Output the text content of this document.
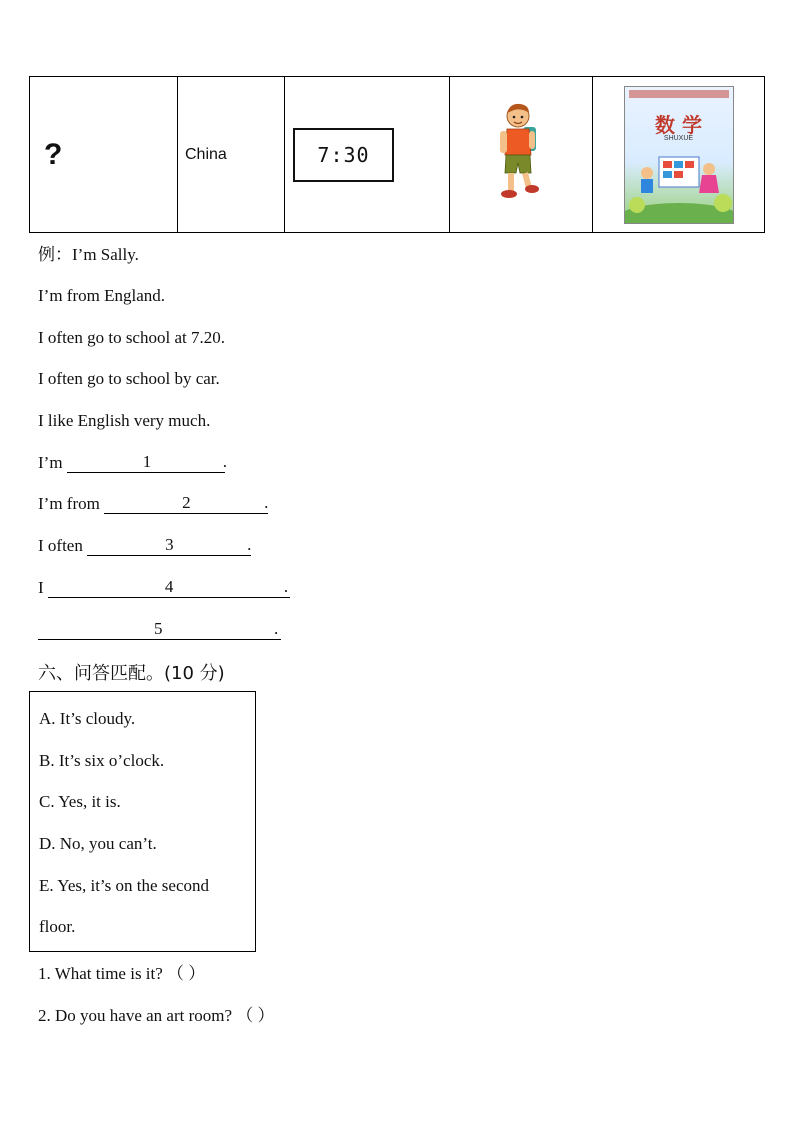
?	China	7:30

数 学
SHUXUE
例：I’m Sally.
I’m from England.
I often go to school at 7.20.
I often go to school by car.
I like English very much.
I’m	1	.
I’m from	2	.
I often	3	.
I	4	.
5	.
六、问答匹配。(10 分)
A. It’s cloudy.
B. It’s six o’clock.
C. Yes, it is.
D. No, you can’t.
E. Yes, it’s on the second
floor.
1. What time is it? （ ）
2. Do you have an art room? （ ）
